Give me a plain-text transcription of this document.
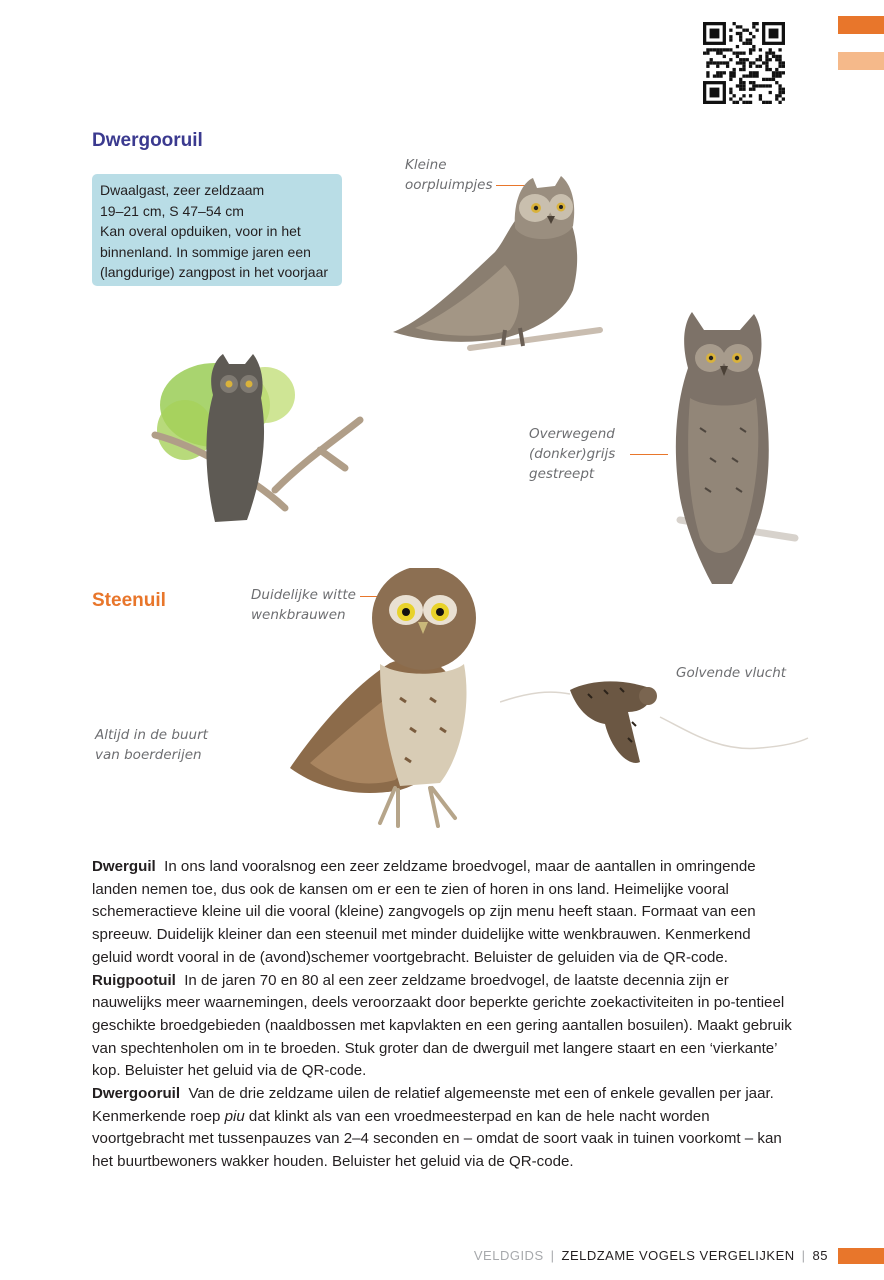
Dwergooruil
Dwaalgast, zeer zeldzaam
19–21 cm, S 47–54 cm
Kan overal opduiken, voor in het
binnenland. In sommige jaren een
(langdurige) zangpost in het voorjaar
Kleine
oorpluimpjes
Overwegend
(donker)grijs
gestreept
Steenuil	Duidelijke witte
wenkbrauwen
Altijd in de buurt
van boerderijen
Golvende vlucht

Dwerguil In ons land vooralsnog een zeer zeldzame broedvogel, maar de aantallen in omringende landen nemen toe, dus ook de kansen om er een te zien of horen in ons land. Heimelijke vooral schemeractieve kleine uil die vooral (kleine) zangvogels op zijn menu heeft staan. Formaat van een spreeuw. Duidelijk kleiner dan een steenuil met minder duidelijke witte wenkbrauwen. Kenmerkend geluid wordt vooral in de (avond)schemer voortgebracht. Beluister de geluiden via de QR-code.

Ruigpootuil In de jaren 70 en 80 al een zeer zeldzame broedvogel, de laatste decennia zijn er nauwelijks meer waarnemingen, deels veroorzaakt door beperkte gerichte zoekactiviteiten in po-tentieel geschikte broedgebieden (naaldbossen met kapvlakten en een gering aantallen bosuilen). Maakt gebruik van spechtenholen om in te broeden. Stuk groter dan de dwerguil met langere staart en een ‘vierkante’ kop. Beluister het geluid via de QR-code.

Dwergooruil Van de drie zeldzame uilen de relatief algemeenste met een of enkele gevallen per jaar. Kenmerkende roep piu dat klinkt als van een vroedmeesterpad en kan de hele nacht worden voortgebracht met tussenpauzes van 2–4 seconden en – omdat de soort vaak in tuinen voorkomt – kan het buurtbewoners wakker houden. Beluister het geluid via de QR-code.

VELDGIDS | ZELDZAME VOGELS VERGELIJKEN | 85
